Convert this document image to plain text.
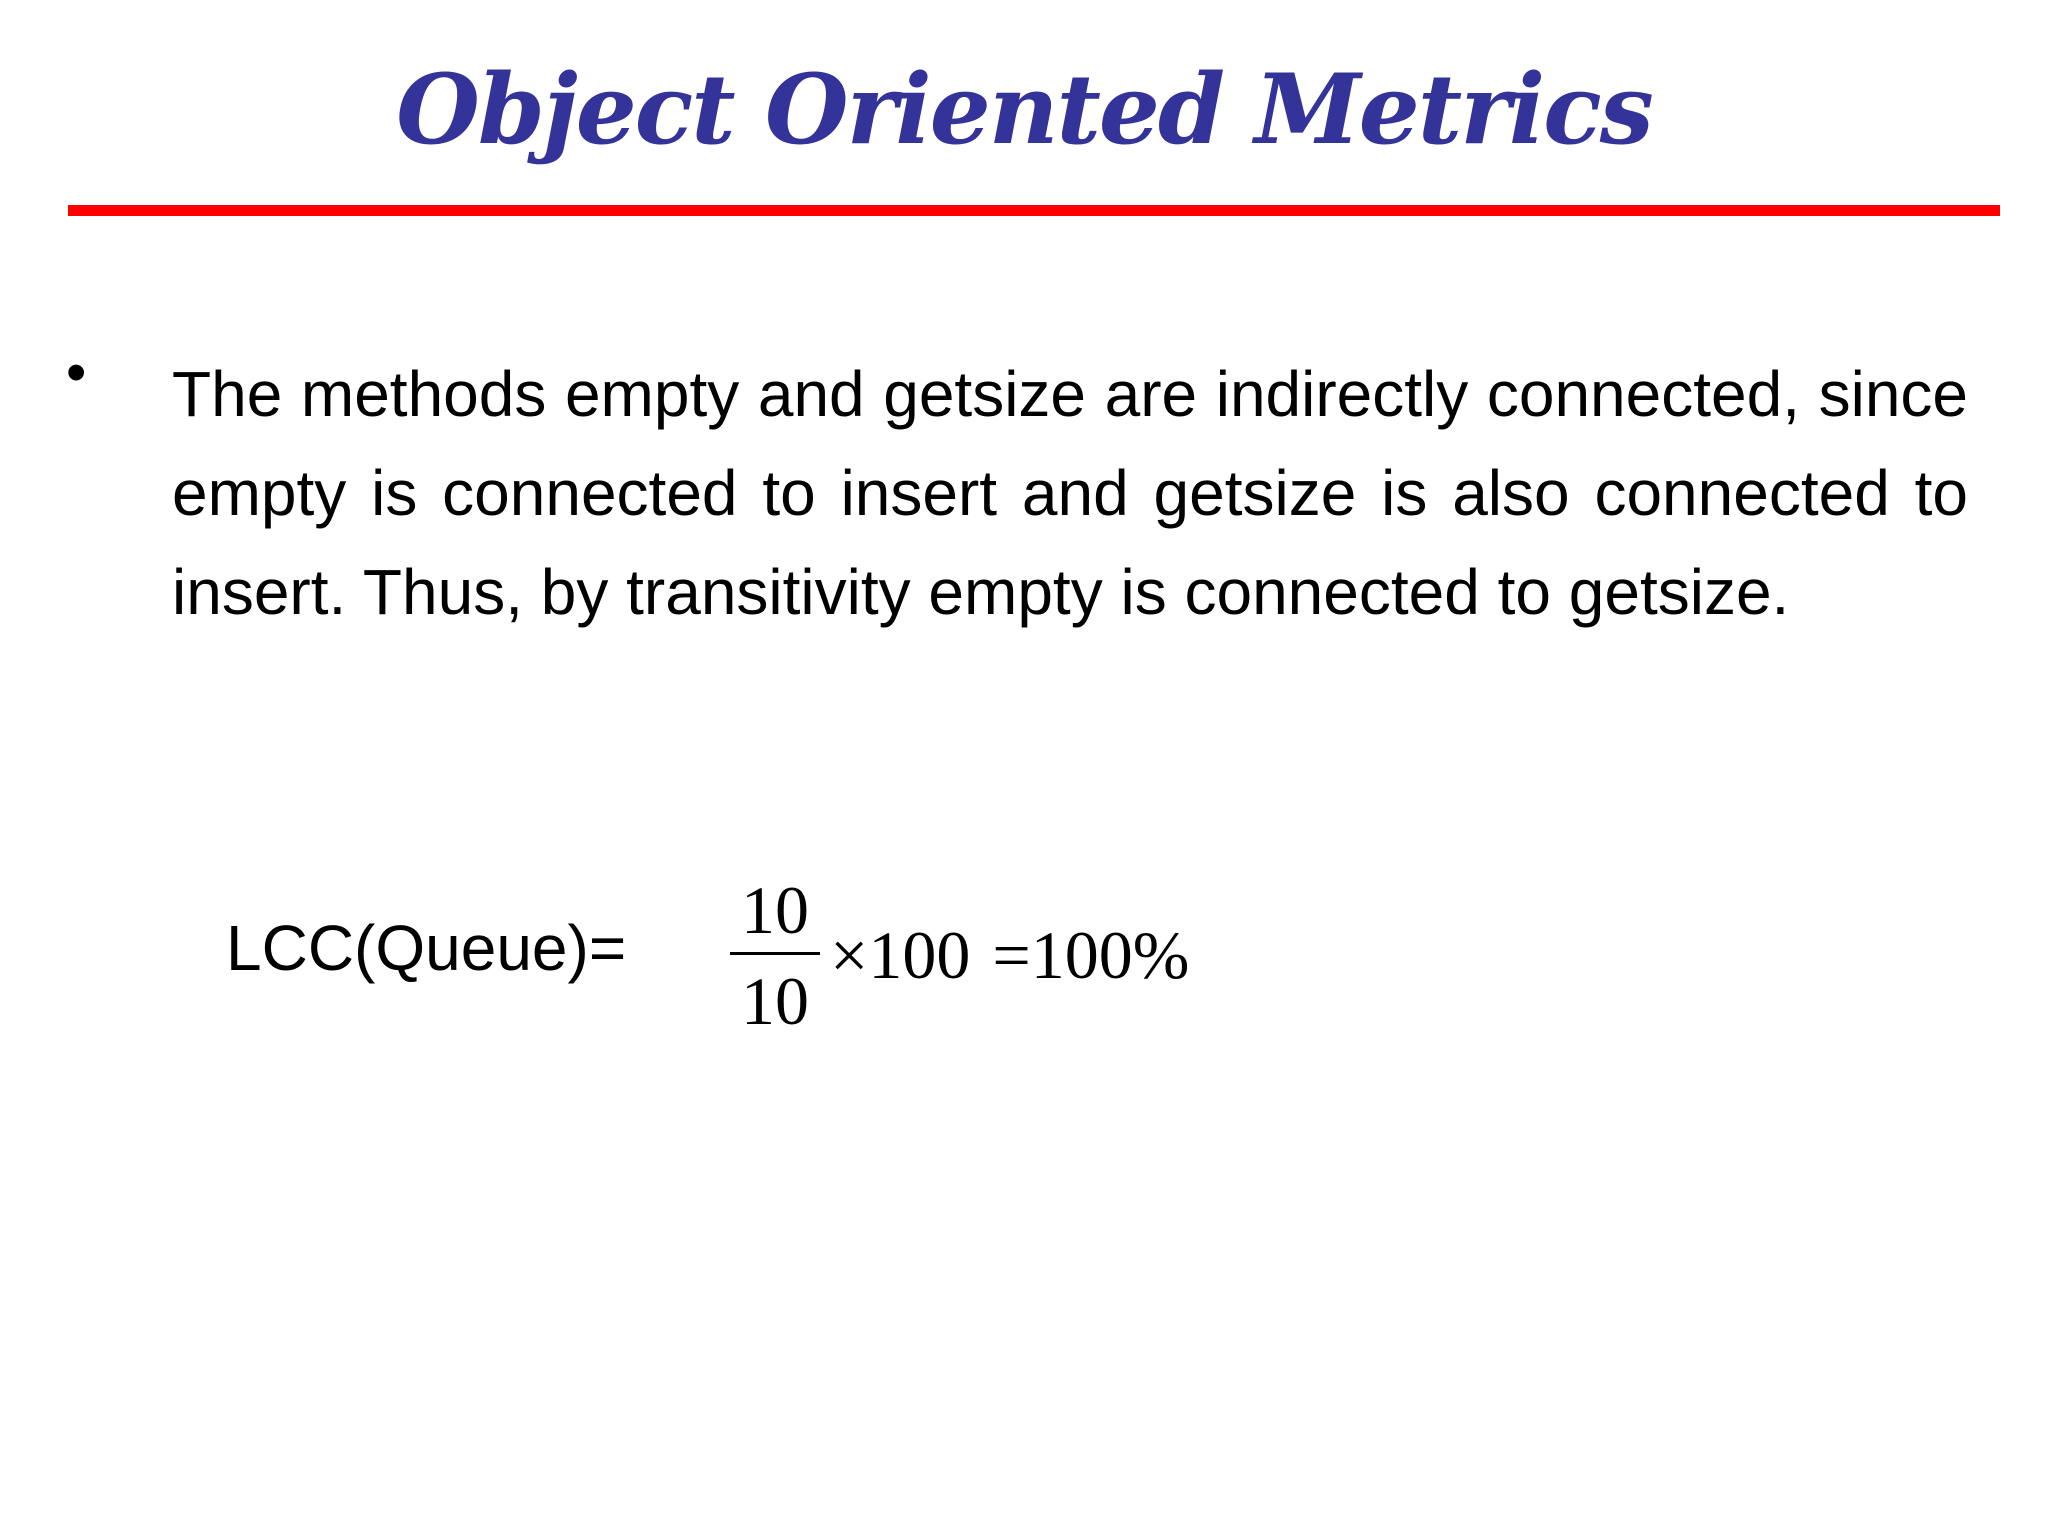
Object Oriented Metrics
• The methods empty and getsize are indirectly connected, since empty is connected to insert and getsize is also connected to insert. Thus, by transitivity empty is connected to getsize.

LCC(Queue)= 10
10
×100 =100%
